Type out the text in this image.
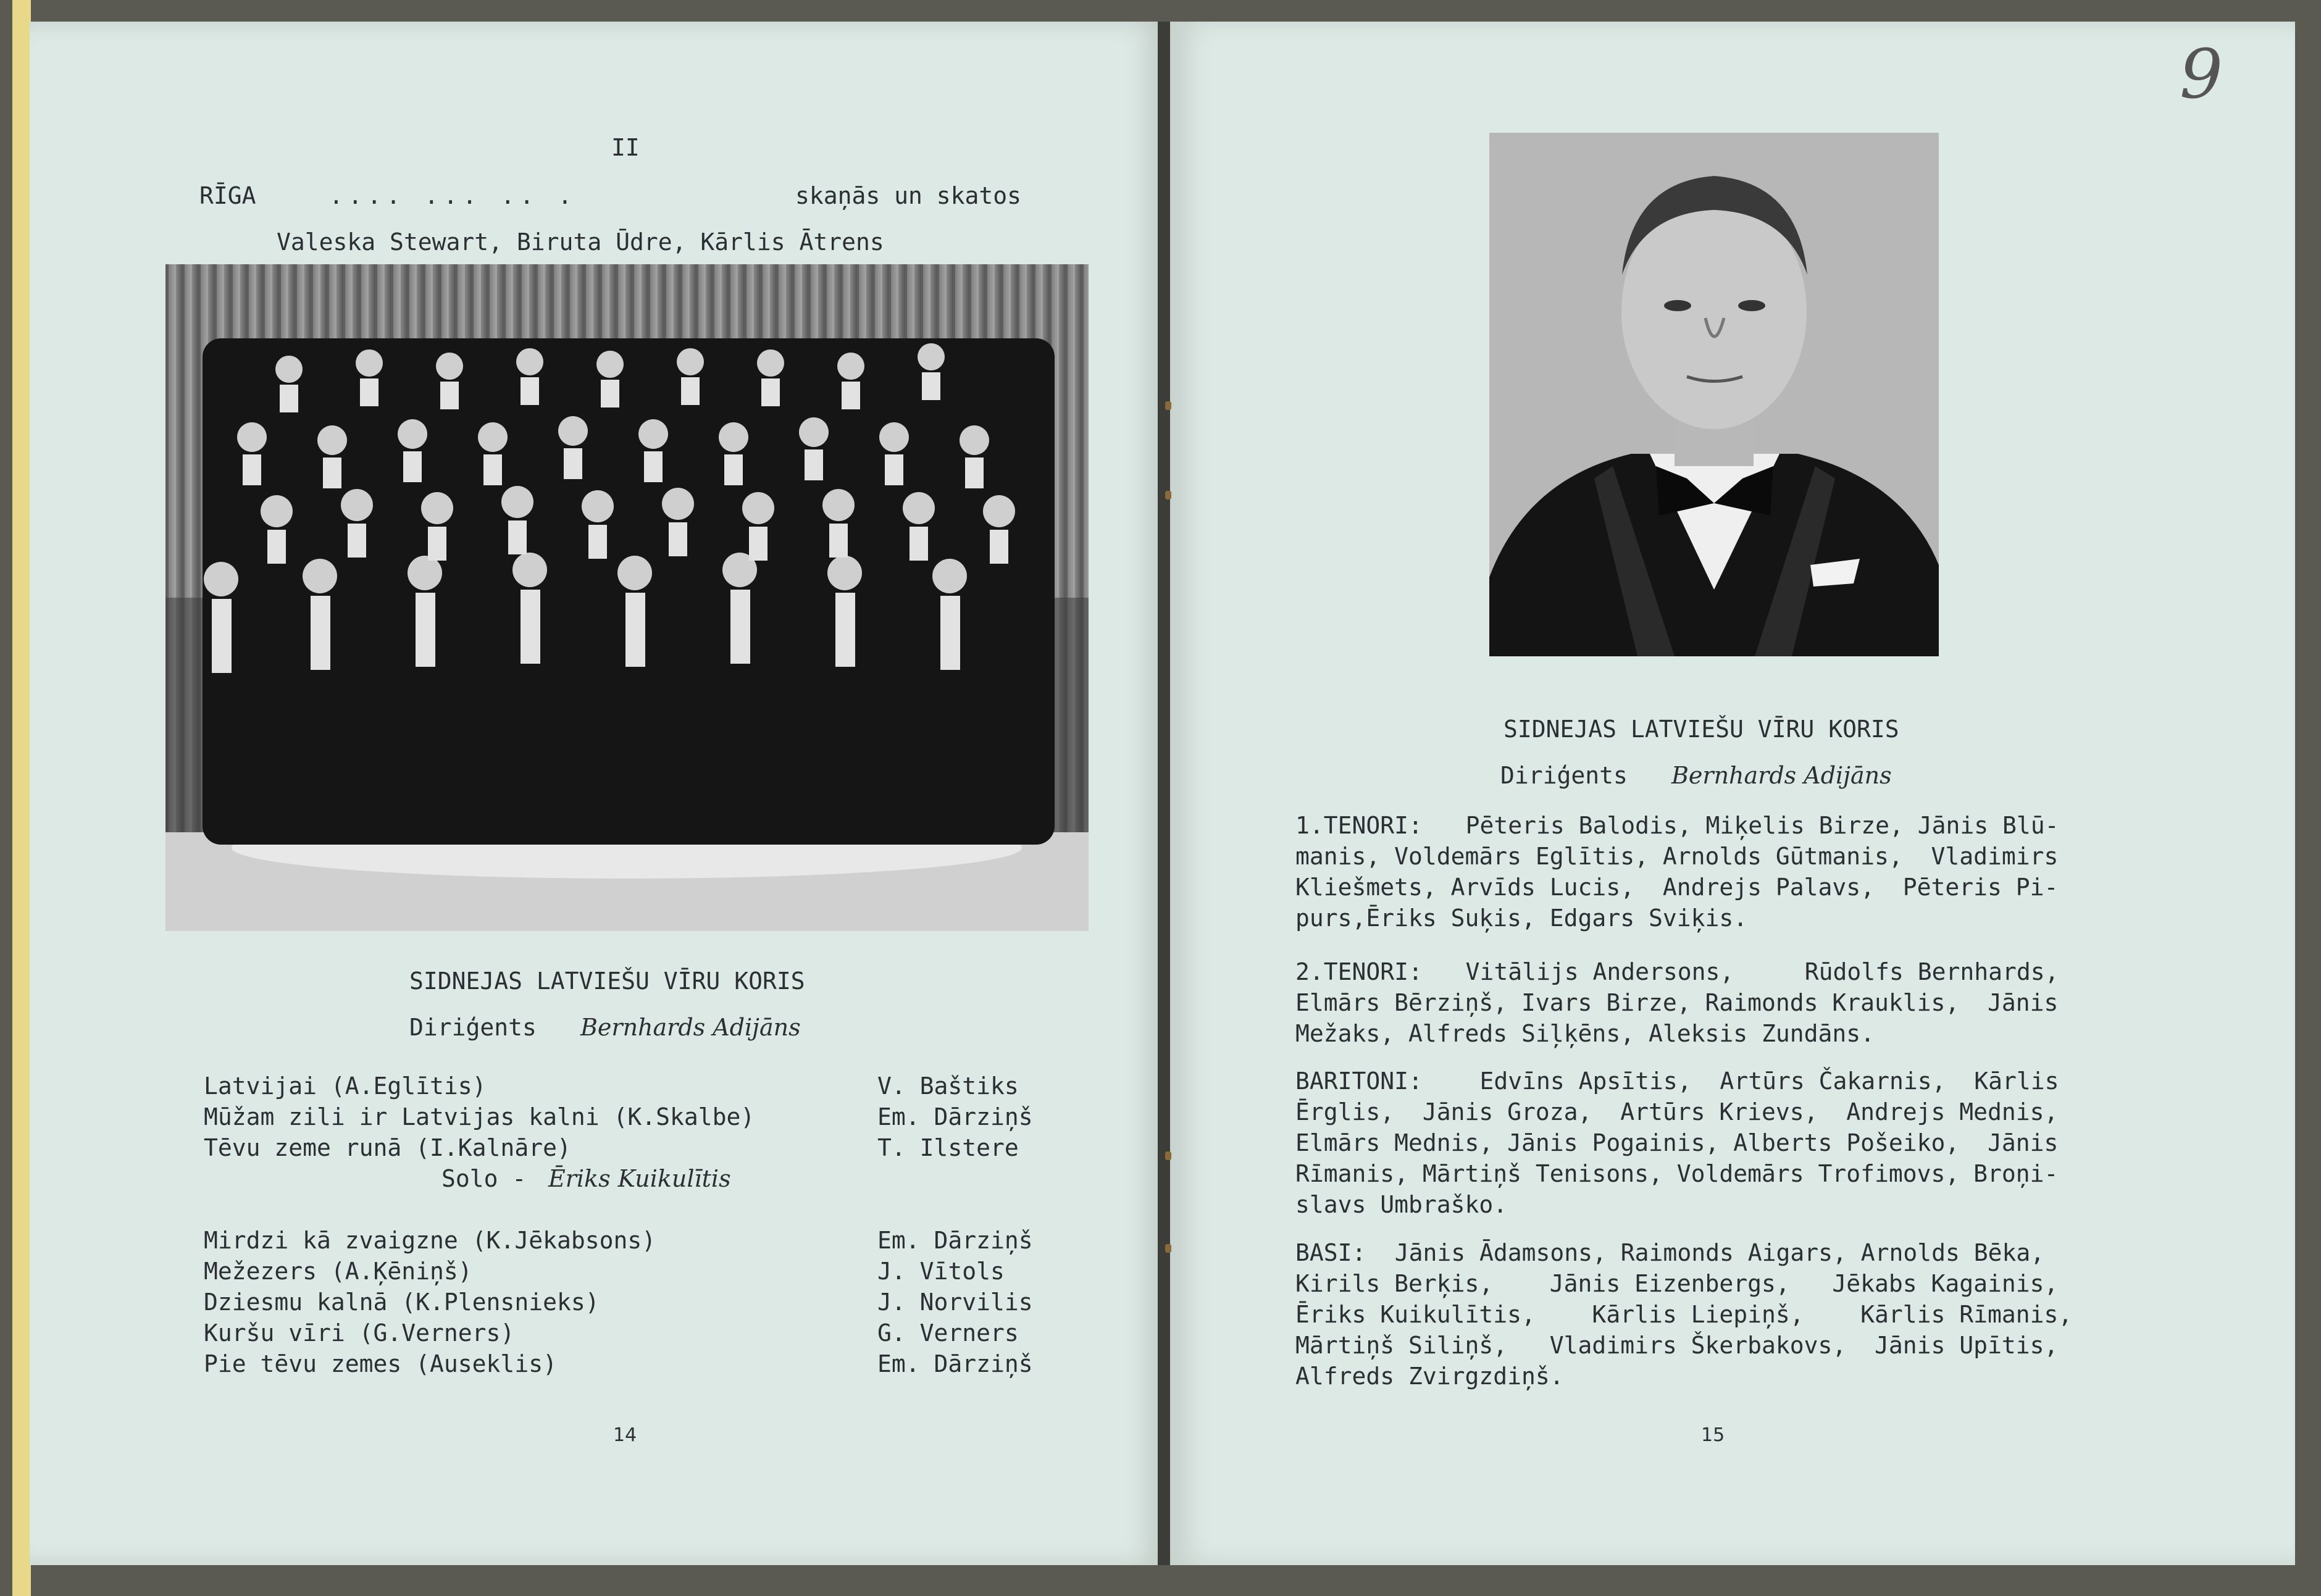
II
RĪGA	.... ... .. .	skaņās un skatos
Valeska Stewart, Biruta Ūdre, Kārlis Ātrens
SIDNEJAS LATVIEŠU VĪRU KORIS
Diriģents Bernhards Adijāns
Latvijai (A.Eglītis)	V. Baštiks
Mūžam zili ir Latvijas kalni (K.Skalbe)	Em. Dārziņš
Tēvu zeme runā (I.Kalnāre)	T. Ilstere
Solo - Ēriks Kuikulītis
Mirdzi kā zvaigzne (K.Jēkabsons)	Em. Dārziņš
Mežezers (A.Ķēniņš)	J. Vītols
Dziesmu kalnā (K.Plensnieks)	J. Norvilis
Kuršu vīri (G.Verners)	G. Verners
Pie tēvu zemes (Auseklis)	Em. Dārziņš
14
9
SIDNEJAS LATVIEŠU VĪRU KORIS
Diriģents Bernhards Adijāns
1.TENORI: Pēteris Balodis, Miķelis Birze, Jānis Blū-
manis, Voldemārs Eglītis, Arnolds Gūtmanis,  Vladimirs
Kliešmets, Arvīds Lucis,  Andrejs Palavs,  Pēteris Pi-
purs,Ēriks Suķis, Edgars Sviķis.
2.TENORI: Vitālijs Andersons,     Rūdolfs Bernhards,
Elmārs Bērziņš, Ivars Birze, Raimonds Krauklis,  Jānis
Mežaks, Alfreds Siļķēns, Aleksis Zundāns.
BARITONI: Edvīns Apsītis,  Artūrs Čakarnis,  Kārlis
Ērglis,  Jānis Groza,  Artūrs Krievs,  Andrejs Mednis,
Elmārs Mednis, Jānis Pogainis, Alberts Pošeiko,  Jānis
Rīmanis, Mārtiņš Tenisons, Voldemārs Trofimovs, Broņi-
slavs Umbraško.
BASI: Jānis Ādamsons, Raimonds Aigars, Arnolds Bēka,
Kirils Berķis,    Jānis Eizenbergs,   Jēkabs Kagainis,
Ēriks Kuikulītis,    Kārlis Liepiņš,    Kārlis Rīmanis,
Mārtiņš Siliņš,   Vladimirs Škerbakovs,  Jānis Upītis,
Alfreds Zvirgzdiņš.
15
